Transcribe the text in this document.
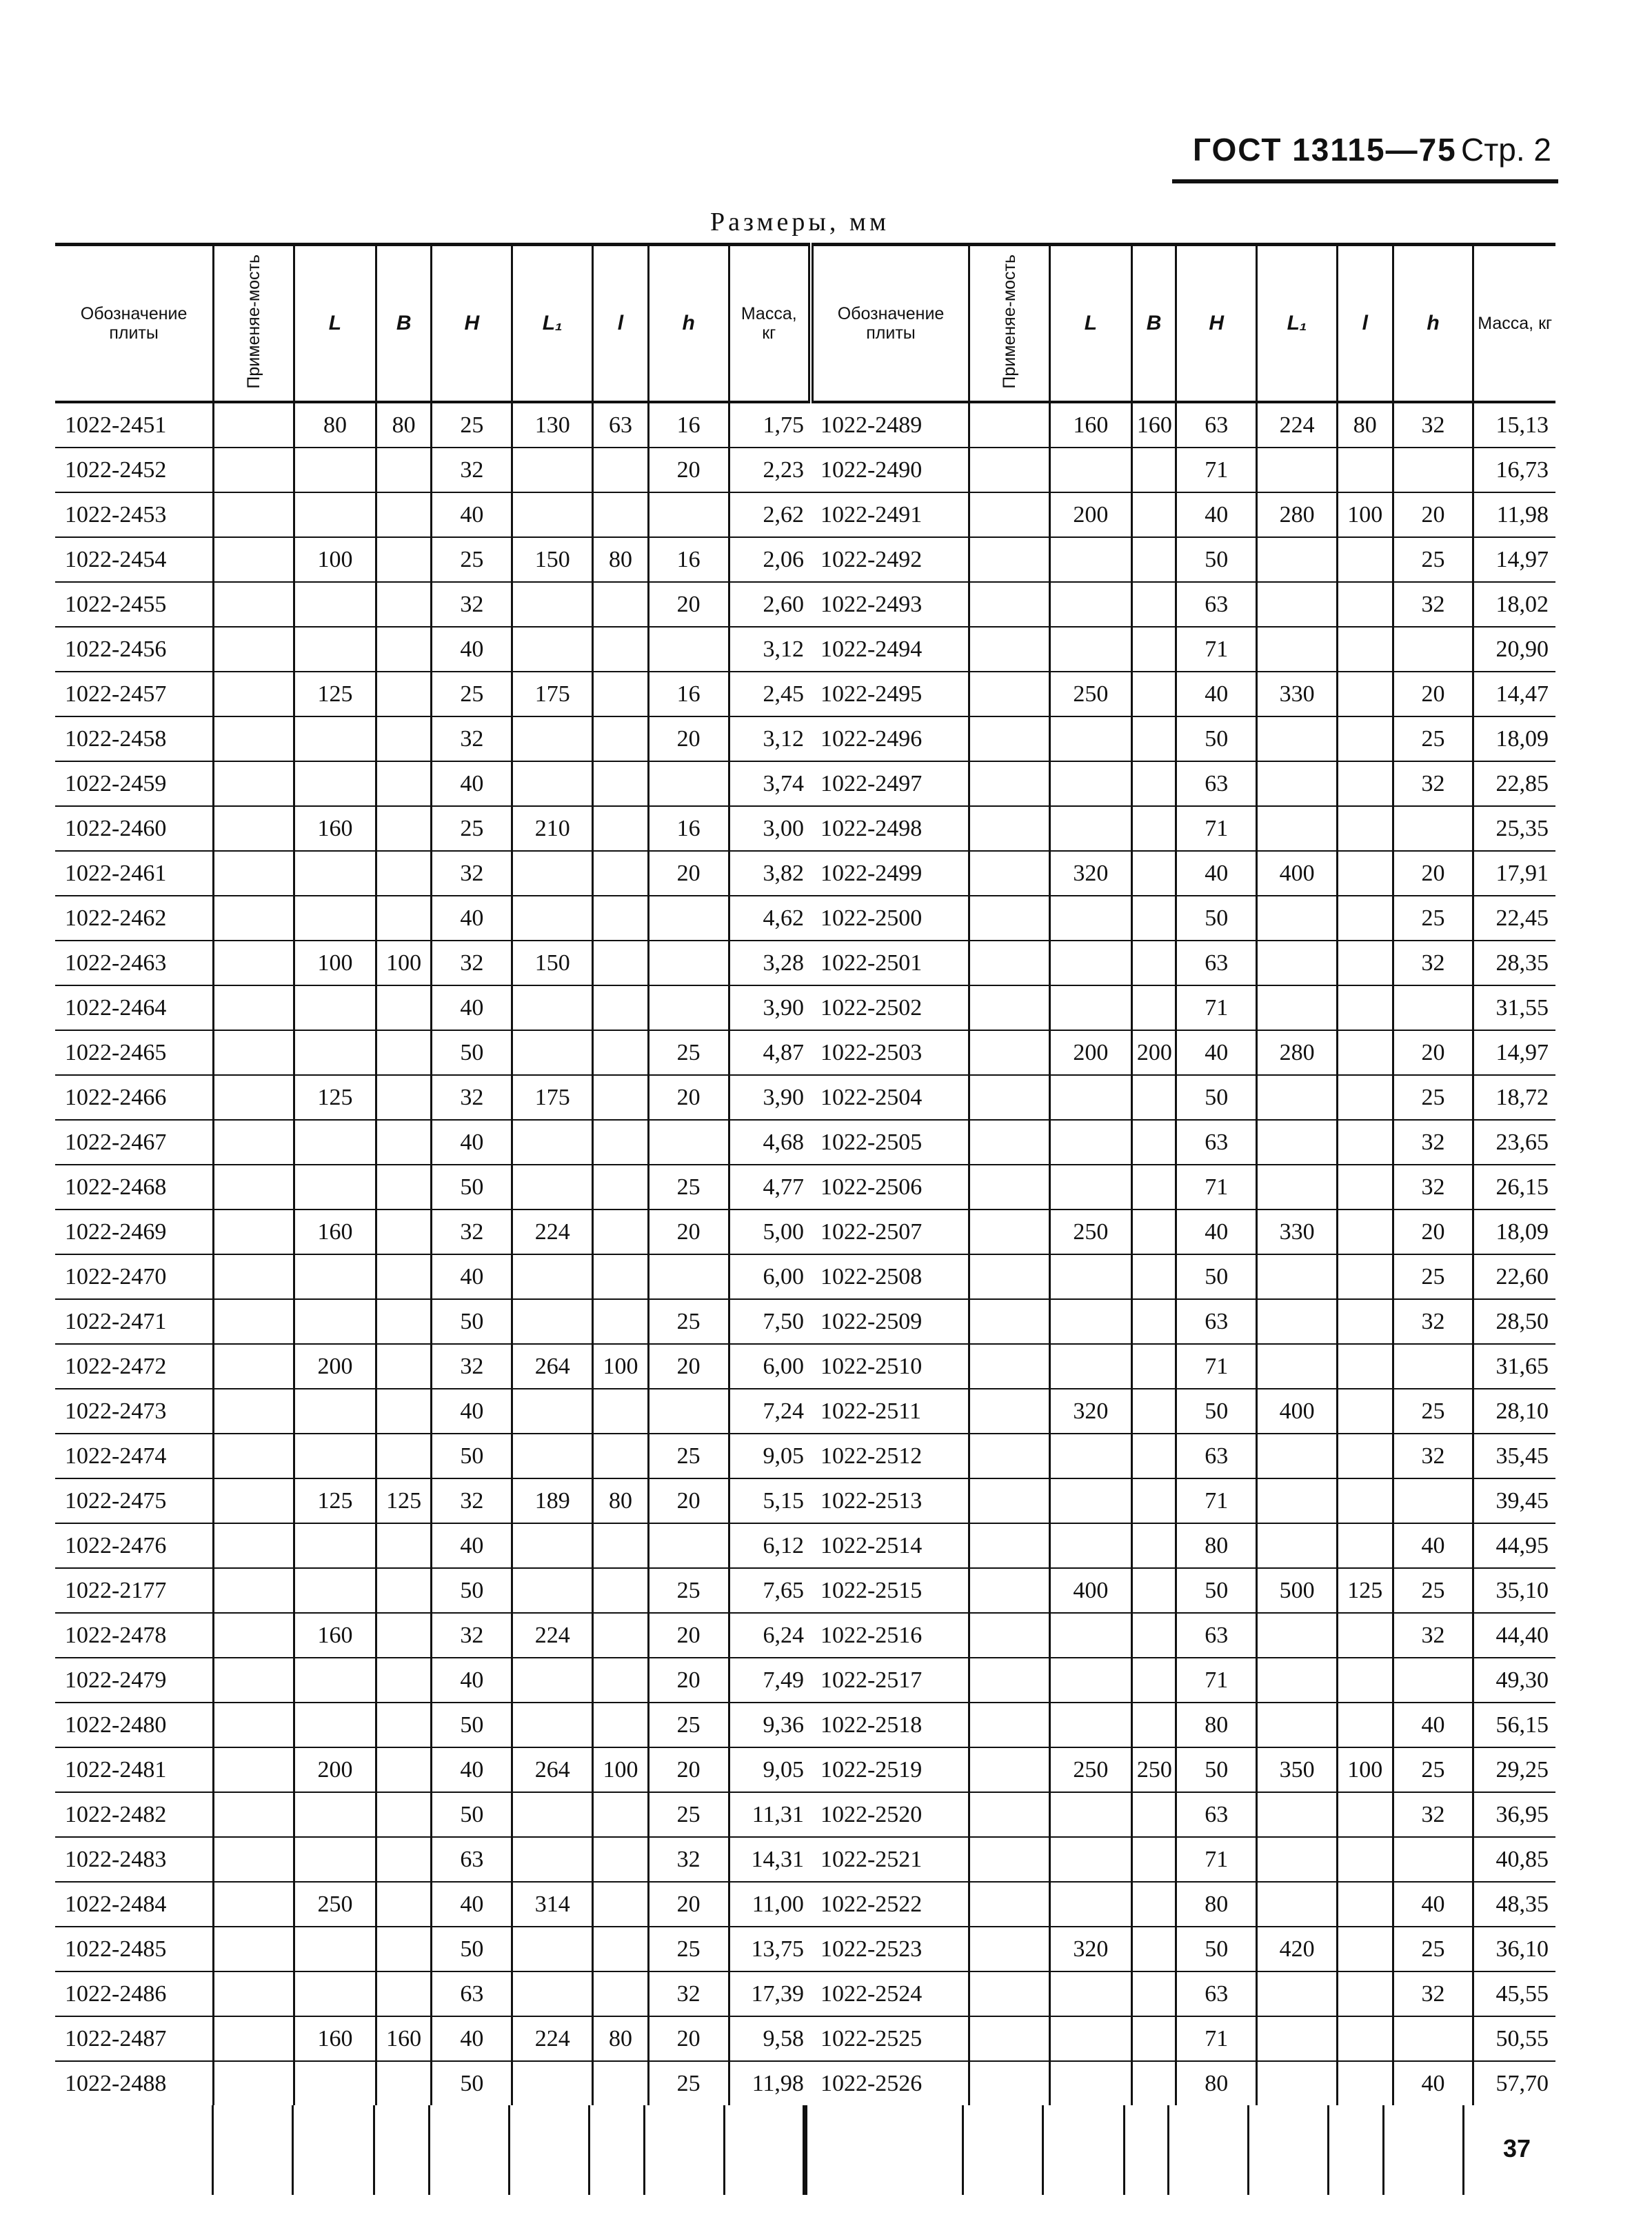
ГОСТ 13115—75 Стр. 2
Размеры, мм
Обозначение плиты	Применяе-мость	L	B	H	L₁	l	h	Масса, кг	Обозначение плиты	Применяе-мость	L	B	H	L₁	l	h	Масса, кг

1022-2451		80	80	25	130	63	16	1,75	1022-2489		160	160	63	224	80	32	15,13
1022-2452				32			20	2,23	1022-2490				71				16,73
1022-2453				40				2,62	1022-2491		200		40	280	100	20	11,98
1022-2454		100		25	150	80	16	2,06	1022-2492				50			25	14,97
1022-2455				32			20	2,60	1022-2493				63			32	18,02
1022-2456				40				3,12	1022-2494				71				20,90
1022-2457		125		25	175		16	2,45	1022-2495		250		40	330		20	14,47
1022-2458				32			20	3,12	1022-2496				50			25	18,09
1022-2459				40				3,74	1022-2497				63			32	22,85
1022-2460		160		25	210		16	3,00	1022-2498				71				25,35
1022-2461				32			20	3,82	1022-2499		320		40	400		20	17,91
1022-2462				40				4,62	1022-2500				50			25	22,45
1022-2463		100	100	32	150			3,28	1022-2501				63			32	28,35
1022-2464				40				3,90	1022-2502				71				31,55
1022-2465				50			25	4,87	1022-2503		200	200	40	280		20	14,97
1022-2466		125		32	175		20	3,90	1022-2504				50			25	18,72
1022-2467				40				4,68	1022-2505				63			32	23,65
1022-2468				50			25	4,77	1022-2506				71			32	26,15
1022-2469		160		32	224		20	5,00	1022-2507		250		40	330		20	18,09
1022-2470				40				6,00	1022-2508				50			25	22,60
1022-2471				50			25	7,50	1022-2509				63			32	28,50
1022-2472		200		32	264	100	20	6,00	1022-2510				71				31,65
1022-2473				40				7,24	1022-2511		320		50	400		25	28,10
1022-2474				50			25	9,05	1022-2512				63			32	35,45
1022-2475		125	125	32	189	80	20	5,15	1022-2513				71				39,45
1022-2476				40				6,12	1022-2514				80			40	44,95
1022-2177				50			25	7,65	1022-2515		400		50	500	125	25	35,10
1022-2478		160		32	224		20	6,24	1022-2516				63			32	44,40
1022-2479				40			20	7,49	1022-2517				71				49,30
1022-2480				50			25	9,36	1022-2518				80			40	56,15
1022-2481		200		40	264	100	20	9,05	1022-2519		250	250	50	350	100	25	29,25
1022-2482				50			25	11,31	1022-2520				63			32	36,95
1022-2483				63			32	14,31	1022-2521				71				40,85
1022-2484		250		40	314		20	11,00	1022-2522				80			40	48,35
1022-2485				50			25	13,75	1022-2523		320		50	420		25	36,10
1022-2486				63			32	17,39	1022-2524				63			32	45,55
1022-2487		160	160	40	224	80	20	9,58	1022-2525				71				50,55
1022-2488				50			25	11,98	1022-2526				80			40	57,70
37
